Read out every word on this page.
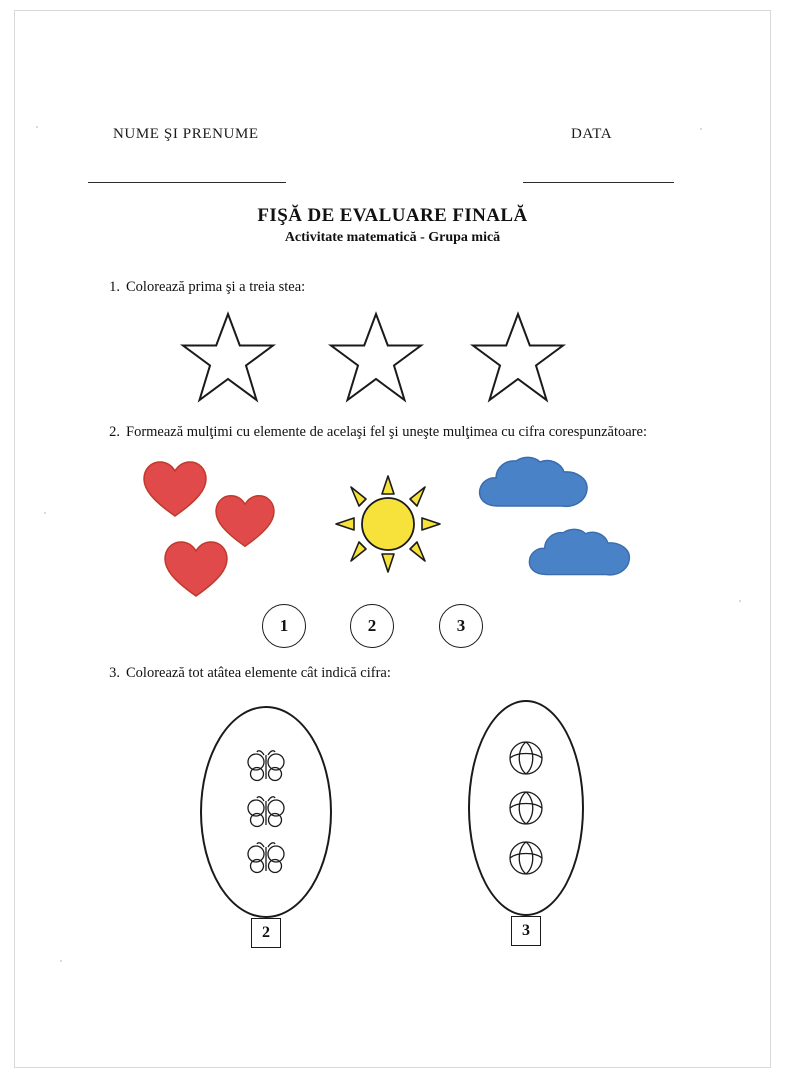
NUME ŞI PRENUME	DATA
FIŞĂ DE EVALUARE FINALĂ
Activitate matematică - Grupa mică
1. Colorează prima şi a treia stea:
2. Formează mulţimi cu elemente de acelaşi fel şi uneşte mulţimea cu cifra corespunzătoare:
1	2	3
3. Colorează tot atâtea elemente cât indică cifra:
2	3
